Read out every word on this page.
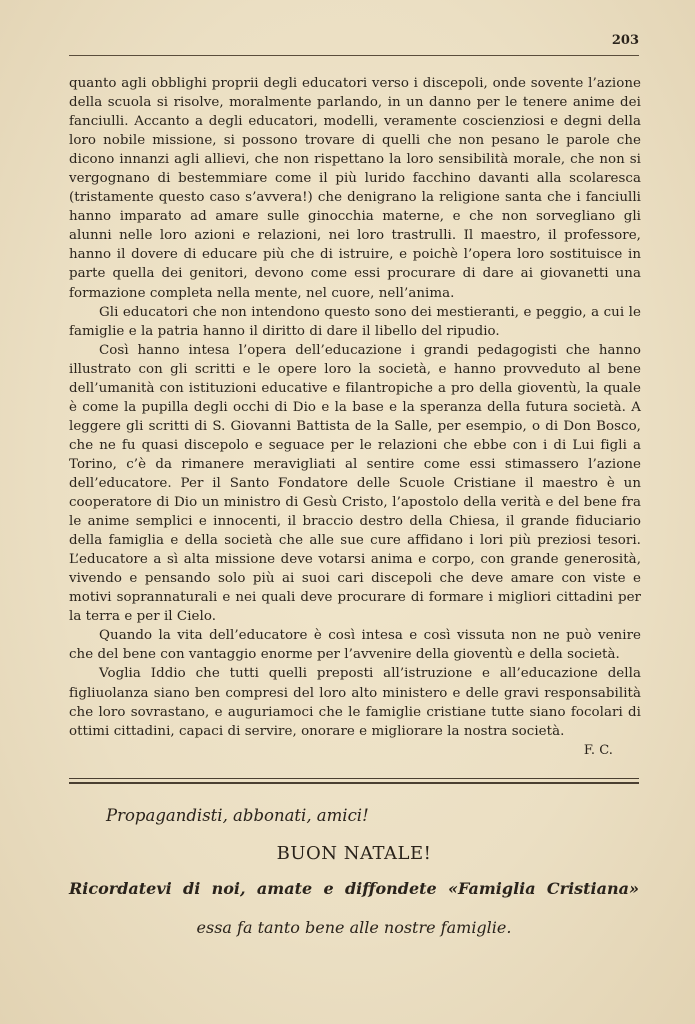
203

quanto agli obblighi proprii degli educatori verso i discepoli, onde sovente l’azione della scuola si risolve, moralmente parlando, in un danno per le tenere anime dei fanciulli. Accanto a degli educatori, modelli, veramente coscienziosi e degni della loro nobile missione, si possono trovare di quelli che non pesano le parole che dicono innanzi agli allievi, che non rispettano la loro sensibilità morale, che non si vergognano di bestemmiare come il più lurido facchino davanti alla scolaresca (tristamente questo caso s’avvera!) che denigrano la religione santa che i fanciulli hanno imparato ad amare sulle ginocchia materne, e che non sorvegliano gli alunni nelle loro azioni e relazioni, nei loro trastrulli. Il maestro, il professore, hanno il dovere di educare più che di istruire, e poichè l’opera loro sostituisce in parte quella dei genitori, devono come essi procurare di dare ai giovanetti una formazione completa nella mente, nel cuore, nell’anima.

Gli educatori che non intendono questo sono dei mestieranti, e peggio, a cui le famiglie e la patria hanno il diritto di dare il libello del ripudio.

Così hanno intesa l’opera dell’educazione i grandi pedagogisti che hanno illustrato con gli scritti e le opere loro la società, e hanno provveduto al bene dell’umanità con istituzioni educative e filantropiche a pro della gioventù, la quale è come la pupilla degli occhi di Dio e la base e la speranza della futura società. A leggere gli scritti di S. Giovanni Battista de la Salle, per esempio, o di Don Bosco, che ne fu quasi discepolo e seguace per le relazioni che ebbe con i di Lui figli a Torino, c’è da rimanere meravigliati al sentire come essi stimassero l’azione dell’educatore. Per il Santo Fondatore delle Scuole Cristiane il maestro è un cooperatore di Dio un ministro di Gesù Cristo, l’apostolo della verità e del bene fra le anime semplici e innocenti, il braccio destro della Chiesa, il grande fiduciario della famiglia e della società che alle sue cure affidano i lori più preziosi tesori. L’educatore a sì alta missione deve votarsi anima e corpo, con grande generosità, vivendo e pensando solo più ai suoi cari discepoli che deve amare con viste e motivi soprannaturali e nei quali deve procurare di formare i migliori cittadini per la terra e per il Cielo.

Quando la vita dell’educatore è così intesa e così vissuta non ne può venire che del bene con vantaggio enorme per l’avvenire della gioventù e della società.

Voglia Iddio che tutti quelli preposti all’istruzione e all’educazione della figliuolanza siano ben compresi del loro alto ministero e delle gravi responsabilità che loro sovrastano, e auguriamoci che le famiglie cristiane tutte siano focolari di ottimi cittadini, capaci di servire, onorare e migliorare la nostra società.

F. C.
Propagandisti, abbonati, amici!
BUON NATALE!
Ricordatevi di noi, amate e diffondete «Famiglia Cristiana»
essa fa tanto bene alle nostre famiglie.
